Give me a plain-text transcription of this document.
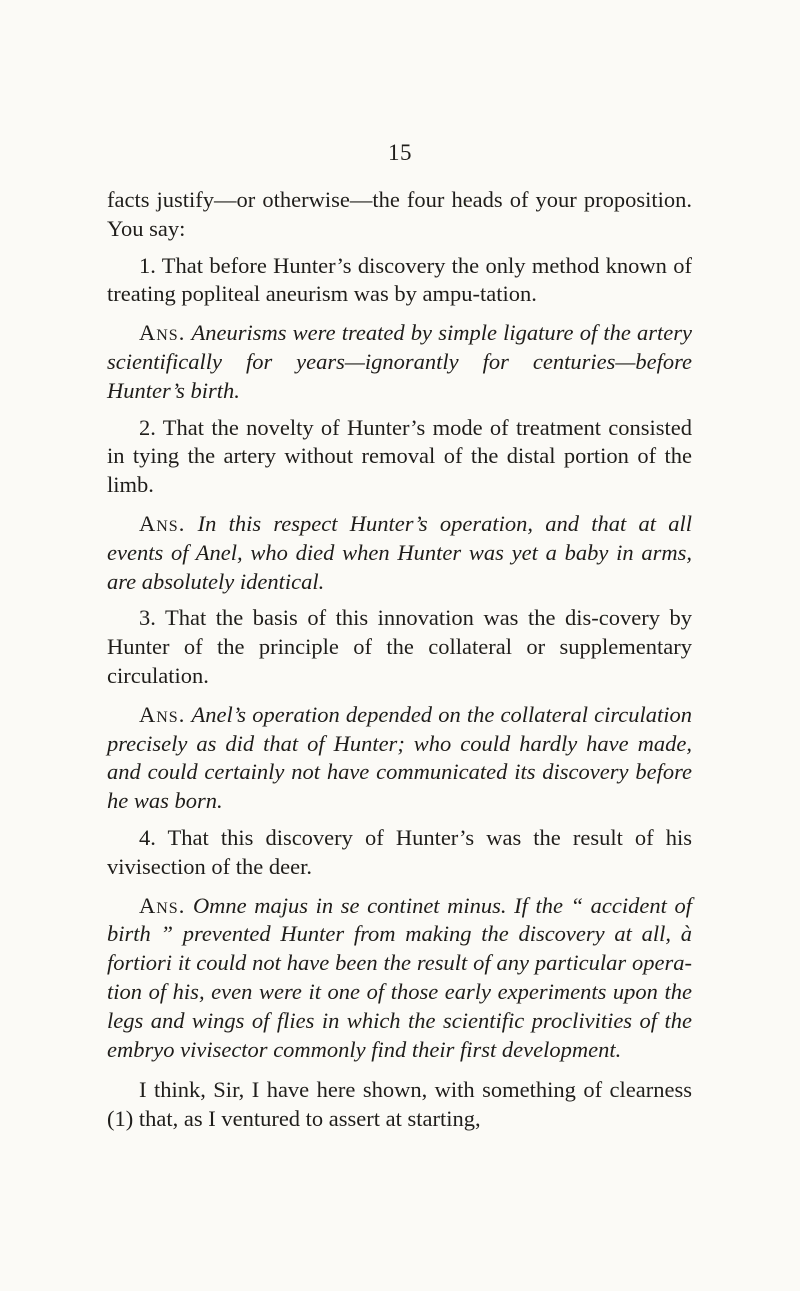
15

facts justify—or otherwise—the four heads of your proposition. You say:

1. That before Hunter’s discovery the only method known of treating popliteal aneurism was by ampu-tation.

Ans. Aneurisms were treated by simple ligature of the artery scientifically for years—ignorantly for centuries—before Hunter’s birth.

2. That the novelty of Hunter’s mode of treatment consisted in tying the artery without removal of the distal portion of the limb.

Ans. In this respect Hunter’s operation, and that at all events of Anel, who died when Hunter was yet a baby in arms, are absolutely identical.

3. That the basis of this innovation was the dis-covery by Hunter of the principle of the collateral or supplementary circulation.

Ans. Anel’s operation depended on the collateral circulation precisely as did that of Hunter; who could hardly have made, and could certainly not have communicated its discovery before he was born.

4. That this discovery of Hunter’s was the result of his vivisection of the deer.

Ans. Omne majus in se continet minus. If the “ accident of birth ” prevented Hunter from making the discovery at all, à fortiori it could not have been the result of any particular opera-tion of his, even were it one of those early experiments upon the legs and wings of flies in which the scientific proclivities of the embryo vivisector commonly find their first development.

I think, Sir, I have here shown, with something of clearness (1) that, as I ventured to assert at starting,
